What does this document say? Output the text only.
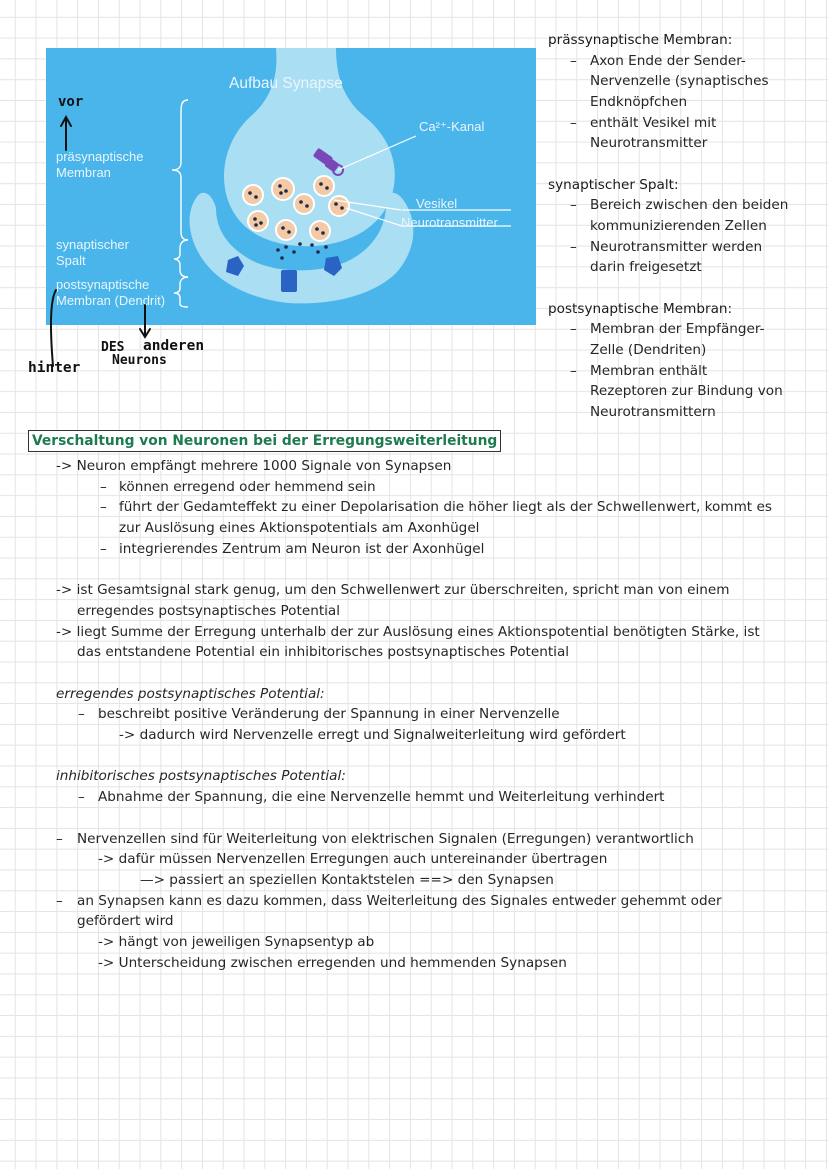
Aufbau Synapse
präsynaptische
Membran
synaptischer
Spalt
postsynaptische
Membran (Dendrit)
Ca²⁺-Kanal
Vesikel
Neurotransmitter
vor
hinter
DES anderen
Neurons
prässynaptische Membran:
– Axon Ende der Sender-
Nervenzelle (synaptisches
Endknöpfchen
– enthält Vesikel mit
Neurotransmitter
synaptischer Spalt:
– Bereich zwischen den beiden
kommunizierenden Zellen
– Neurotransmitter werden
darin freigesetzt
postsynaptische Membran:
– Membran der Empfänger-
Zelle (Dendriten)
– Membran enthält
Rezeptoren zur Bindung von
Neurotransmittern
Verschaltung von Neuronen bei der Erregungsweiterleitung
-> Neuron empfängt mehrere 1000 Signale von Synapsen
– können erregend oder hemmend sein
– führt der Gedamteffekt zu einer Depolarisation die höher liegt als der Schwellenwert, kommt es
zur Auslösung eines Aktionspotentials am Axonhügel
– integrierendes Zentrum am Neuron ist der Axonhügel
-> ist Gesamtsignal stark genug, um den Schwellenwert zur überschreiten, spricht man von einem
erregendes postsynaptisches Potential
-> liegt Summe der Erregung unterhalb der zur Auslösung eines Aktionspotential benötigten Stärke, ist
das entstandene Potential ein inhibitorisches postsynaptisches Potential
erregendes postsynaptisches Potential:
– beschreibt positive Veränderung der Spannung in einer Nervenzelle
-> dadurch wird Nervenzelle erregt und Signalweiterleitung wird gefördert
inhibitorisches postsynaptisches Potential:
– Abnahme der Spannung, die eine Nervenzelle hemmt und Weiterleitung verhindert
– Nervenzellen sind für Weiterleitung von elektrischen Signalen (Erregungen) verantwortlich
-> dafür müssen Nervenzellen Erregungen auch untereinander übertragen
—> passiert an speziellen Kontaktstelen ==> den Synapsen
– an Synapsen kann es dazu kommen, dass Weiterleitung des Signales entweder gehemmt oder
gefördert wird
-> hängt von jeweiligen Synapsentyp ab
-> Unterscheidung zwischen erregenden und hemmenden Synapsen
